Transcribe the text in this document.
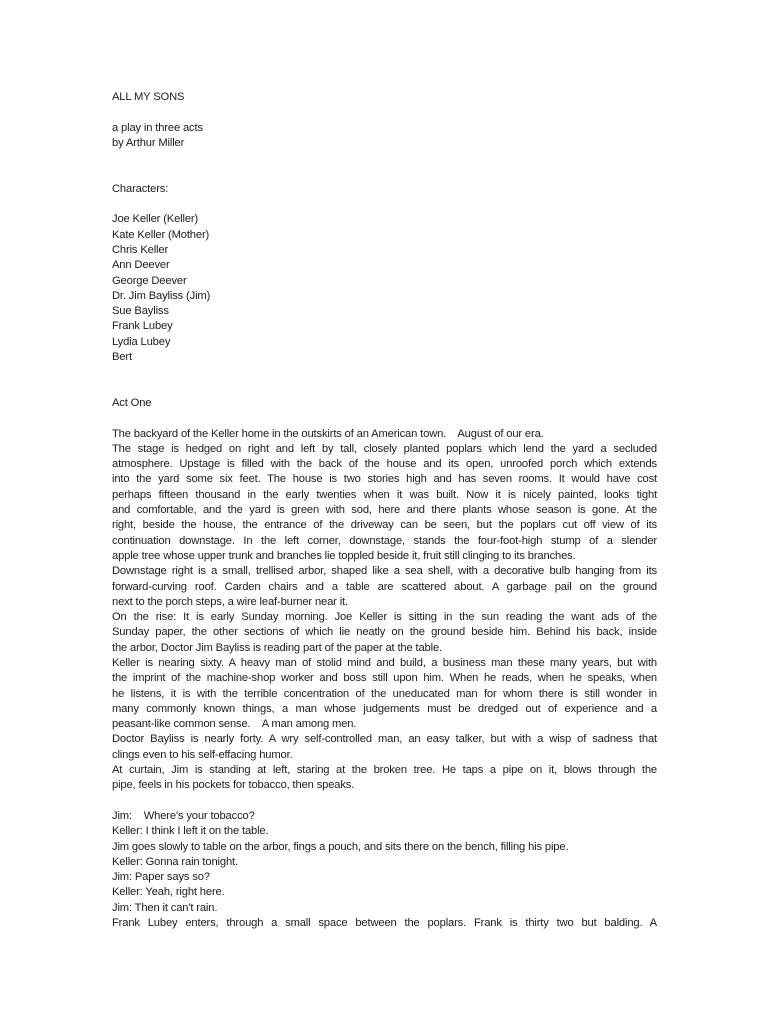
ALL MY SONS
a play in three acts
by Arthur Miller
Characters:
Joe Keller (Keller)
Kate Keller (Mother)
Chris Keller
Ann Deever
George Deever
Dr. Jim Bayliss (Jim)
Sue Bayliss
Frank Lubey
Lydia Lubey
Bert
Act One
The backyard of the Keller home in the outskirts of an American town.    August of our era.
The stage is hedged on right and left by tall, closely planted poplars which lend the yard a secluded
atmosphere. Upstage is filled with the back of the house and its open, unroofed porch which extends
into the yard some six feet. The house is two stories high and has seven rooms. It would have cost
perhaps fifteen thousand in the early twenties when it was built. Now it is nicely painted, looks tight
and comfortable, and the yard is green with sod, here and there plants whose season is gone. At the
right, beside the house, the entrance of the driveway can be seen, but the poplars cut off view of its
continuation downstage. In the left corner, downstage, stands the four-foot-high stump of a slender
apple tree whose upper trunk and branches lie toppled beside it, fruit still clinging to its branches.
Downstage right is a small, trellised arbor, shaped like a sea shell, with a decorative bulb hanging from its
forward-curving roof. Carden chairs and a table are scattered about. A garbage pail on the ground
next to the porch steps, a wire leaf-burner near it.
On the rise: It is early Sunday morning. Joe Keller is sitting in the sun reading the want ads of the
Sunday paper, the other sections of which lie neatly on the ground beside him. Behind his back, inside
the arbor, Doctor Jim Bayliss is reading part of the paper at the table.
Keller is nearing sixty. A heavy man of stolid mind and build, a business man these many years, but with
the imprint of the machine-shop worker and boss still upon him. When he reads, when he speaks, when
he listens, it is with the terrible concentration of the uneducated man for whom there is still wonder in
many commonly known things, a man whose judgements must be dredged out of experience and a
peasant-like common sense.    A man among men.
Doctor Bayliss is nearly forty. A wry self-controlled man, an easy talker, but with a wisp of sadness that
clings even to his self-effacing humor.
At curtain, Jim is standing at left, staring at the broken tree. He taps a pipe on it, blows through the
pipe, feels in his pockets for tobacco, then speaks.
Jim:    Where's your tobacco?
Keller: I think I left it on the table.
Jim goes slowly to table on the arbor, fings a pouch, and sits there on the bench, filling his pipe.
Keller: Gonna rain tonight.
Jim: Paper says so?
Keller: Yeah, right here.
Jim: Then it can't rain.
Frank Lubey enters, through a small space between the poplars. Frank is thirty two but balding. A
